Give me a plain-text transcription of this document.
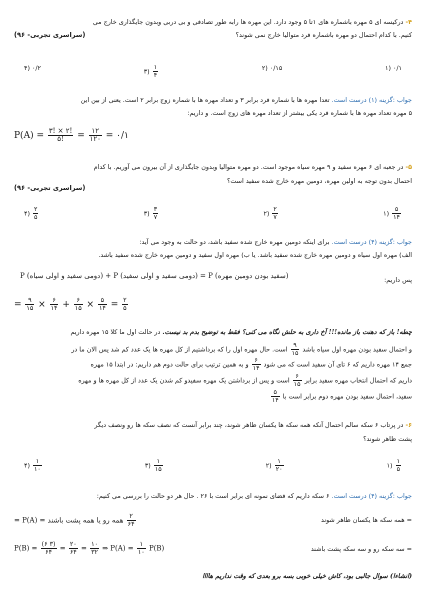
۴- درکیسه ای ۵ مهره باشماره های ۱تا ۵ وجود دارد. این مهره ها رابه طور تصادفی و بی دربی وبدون جایگذاری خارج می
کنیم. با کدام احتمال دو مهره باشماره فرد متوالیا خارج نمی شوند؟
(سراسری تجربی- ۹۶)
۰/۱ (۱
۰/۱۵ (۲
$\frac{۱}{۴}$
(۳
۰/۲ (۴
جواب :گزینه (۱) درست است. تعدا مهره ها با شماره فرد برابر ۳ و تعداد مهره ها با شماره زوج برابر ۲ است. یعنی از بین این
۵ مهره تعداد مهره ها با شماره فرد یکی بیشتر از تعداد مهره های زوج است. و داریم:
$P(A) = \frac{۳! \times ۲!}{۵!} = \frac{۱۲}{۱۲۰}$ = ۰/۱
۵- در جعبه ای ۶ مهره سفید و ۹ مهره سیاه موجود است. دو مهره متوالیا وبدون جایگذاری از آن بیرون می آوریم. با کدام
احتمال بدون توجه به اولین مهره، دومین مهره خارج شده سفید است؟
(سراسری تجربی- ۹۶)
$\frac{۵}{۱۴}$
(۱
$\frac{۲}{۷}$
(۲
$\frac{۳}{۷}$
(۳
$\frac{۲}{۵}$
(۴
جواب :گزینه (۴) درست است. برای اینکه دومین مهره خارج شده سفید باشد، دو حالت به وجود می آید:
الف) مهره اول سیاه و دومین مهره خارج شده سفید باشد. یا ب) مهره اول سفید و دومین مهره خارج شده سفید باشد.
پس داریم:
P (دومی سفید و اولی سیاه) + P (دومی سفید و اولی سفید) = P (سفید بودن دومین مهره)
= $\frac{۹}{۱۵} \times \frac{۶}{۱۴} + \frac{۶}{۱۵} \times \frac{۵}{۱۴} = \frac{۲}{۵}$
چطه! باز که دهنت باز مانده!!! آخ داری به حلش نگاه می کنی؟ فقط به توضیح بدم بد نیست. در حالت اول ما کلا ۱۵ مهره داریم
و احتمال سفید بودن مهره اول سیاه باشد
$\frac{۹}{۱۵}$
است. حال مهره اول را که برداشتیم از کل مهره ها یک عدد کم شد پس الان ما در
جمع ۱۴ مهره داریم که ۶ تای آن سفید است که می شود
$\frac{۶}{۱۴}$
و به همین ترتیب برای حالت دوم هم داریم: در ابتدا ۱۵ مهره
داریم که احتمال انتخاب مهره سفید برابر
$\frac{۶}{۱۵}$
است و پس از برداشتن یک مهره سفیدو کم شدن یک عدد از کل مهره ها و مهره
سفید، احتمال سفید بودن مهره دوم برابر است با
$\frac{۵}{۱۴}$
۶- در پرتاب ۶ سکه سالم احتمال آنکه همه سکه ها یکسان ظاهر شوند، چند برابر آنست که نصف سکه ها رو ونصف دیگر
پشت ظاهر شوند؟
$\frac{۱}{۵}$
(۱
$\frac{۱}{۲۰}$
(۲
$\frac{۱}{۱۵}$
(۳
$\frac{۱}{۱۰}$
(۴
جواب :گزینه (۴) درست است. ۶ سکه داریم که فضای نمونه ای برابر است با ۲۶ . حال هر دو حالت را بررسی می کنیم:
= همه سکه ها یکسان ظاهر شوند
همه رو یا همه پشت باشند = $P(A) = \frac{۲}{۶۴}$
= سه سکه رو و سه سکه پشت باشند
$P(B) = \frac{(۶ ۳)}{۶۴} = \frac{۲۰}{۶۴} = \frac{۱۰}{۳۲}$ ⇒ $P(A) = \frac{۱}{۱۰} P(B)$
(انشاءا) سوال جالبی بود، کاش خیلی خوبی بسه برو بعدی که وقت نداریم هاااا
